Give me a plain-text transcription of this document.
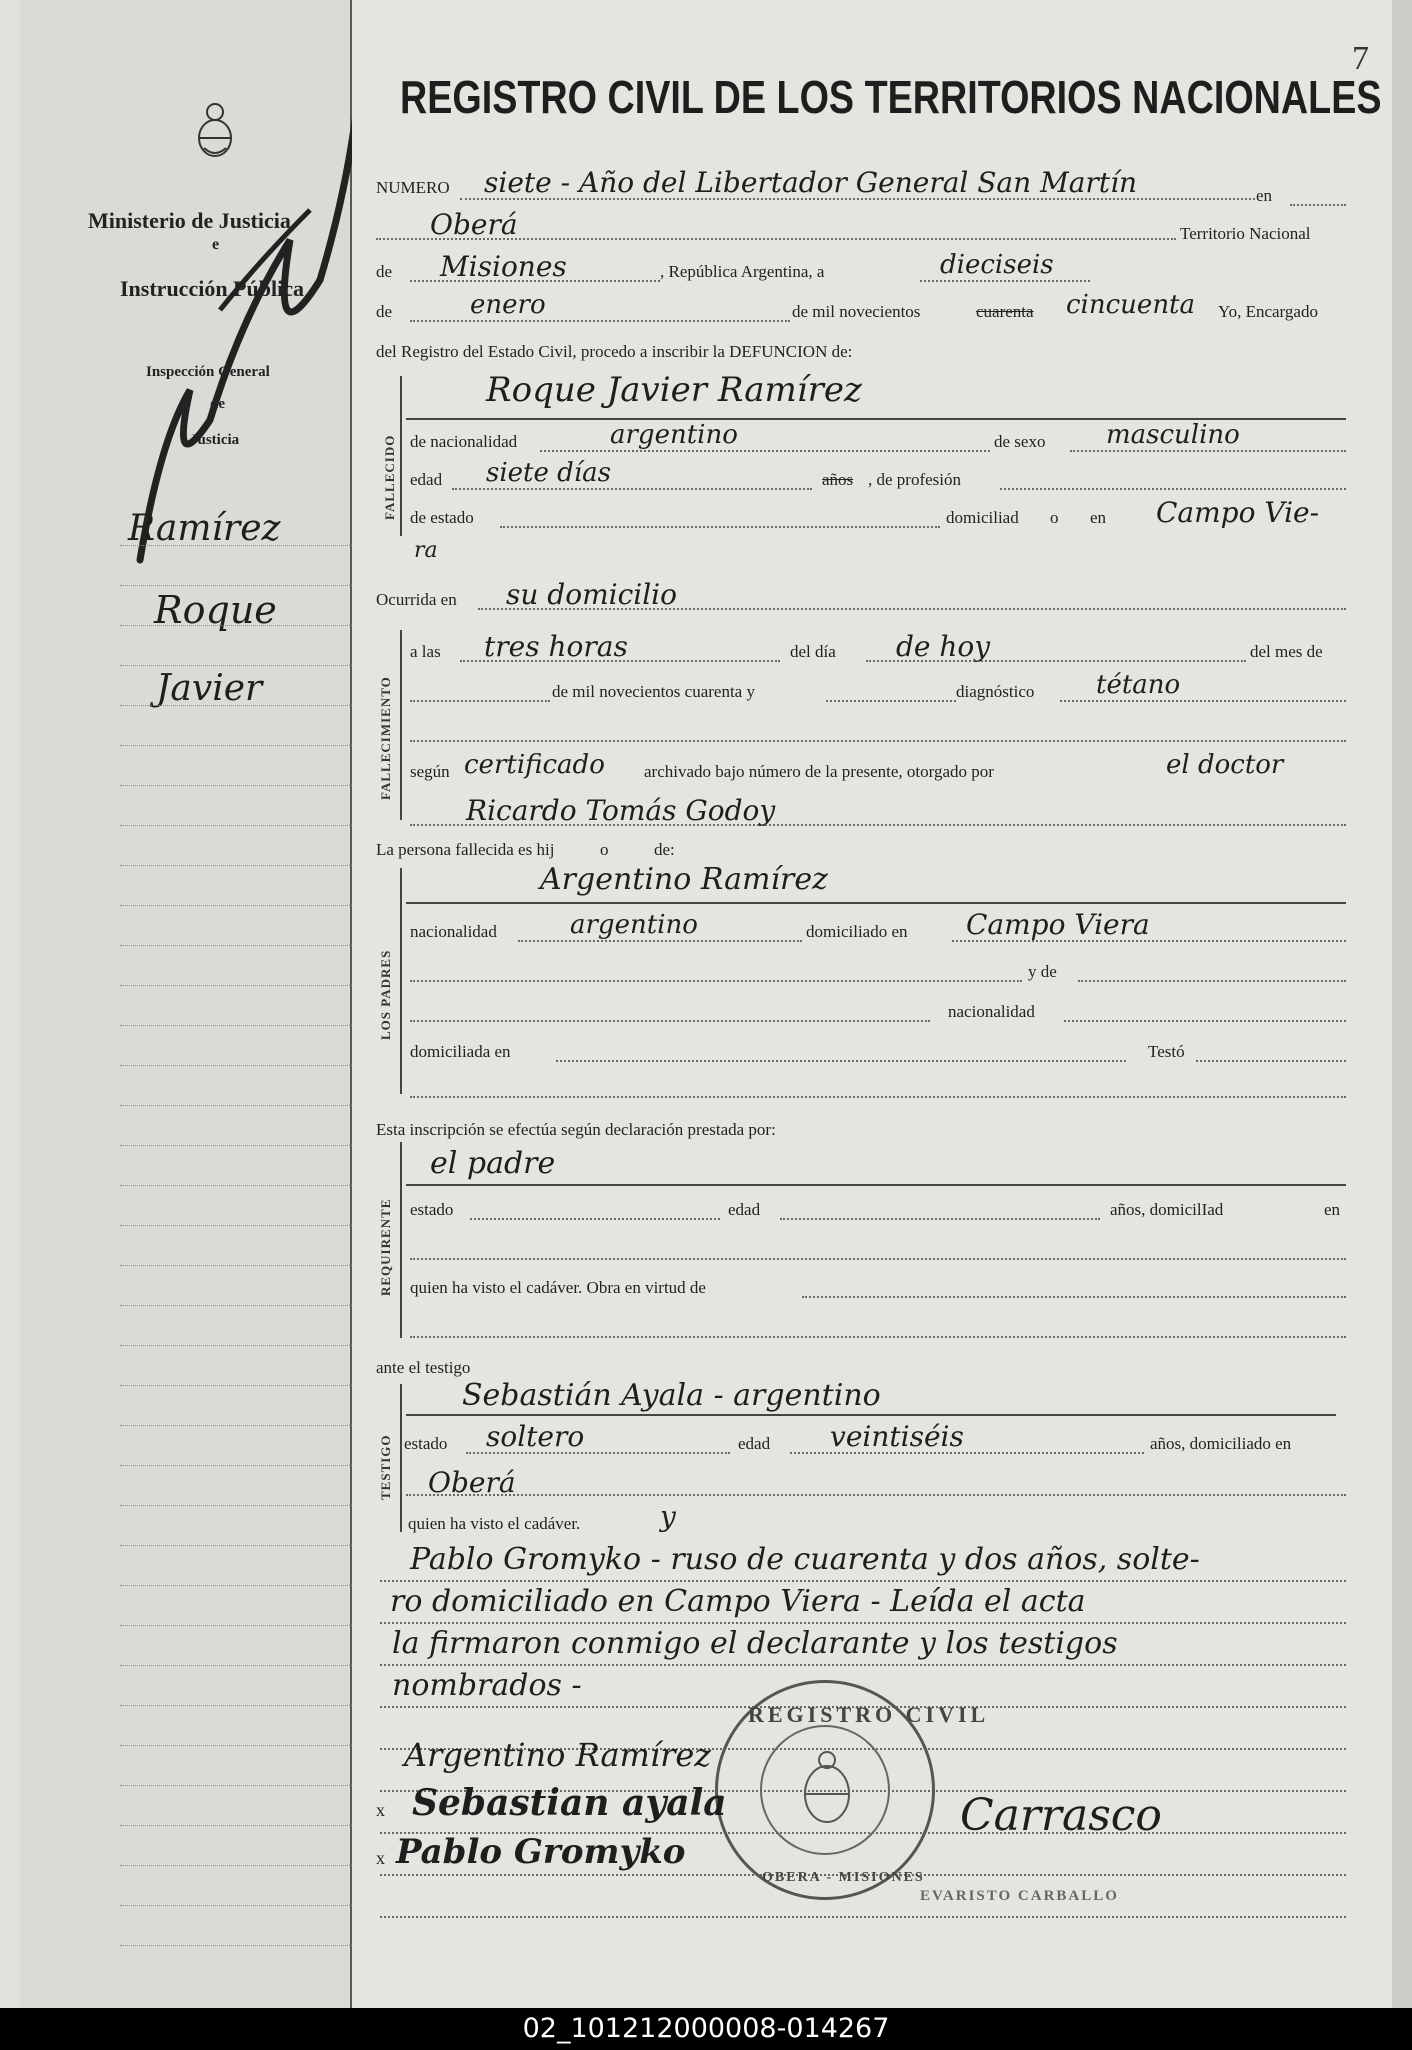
Ministerio de Justicia
e
Instrucción Pública
Inspección General
de
Justicia
Ramírez
Roque
Javier
7
REGISTRO CIVIL DE LOS TERRITORIOS NACIONALES
NUMERO siete - Año del Libertador General San Martín	en
Oberá	Territorio Nacional
de Misiones	, República Argentina, a	dieciseis
de	enero	de mil novecientos	cuarenta cincuenta Yo, Encargado
del Registro del Estado Civil, procedo a inscribir la DEFUNCION de:
FALLECIDO
Roque Javier Ramírez
de nacionalidad	argentino	de sexo masculino
edad siete días	años , de profesión
de estado	domiciliad o en Campo Vie-
ra
Ocurrida en su domicilio
FALLECIMIENTO
a las tres horas	del día de hoy	del mes de
de mil novecientos cuarenta y	diagnóstico tétano
según certificado archivado bajo número de la presente, otorgado por	el doctor
Ricardo Tomás Godoy
La persona fallecida es hij	o	de:
LOS PADRES
Argentino Ramírez
nacionalidad	argentino	domiciliado en Campo Viera
y de
nacionalidad
domiciliada en	Testó
Esta inscripción se efectúa según declaración prestada por:
REQUIRENTE
el padre
estado	edad	años, domicilIad	en
quien ha visto el cadáver. Obra en virtud de
ante el testigo
TESTIGO
Sebastián Ayala - argentino
estado soltero	edad veintiséis	años, domiciliado en
Oberá
quien ha visto el cadáver.	y
Pablo Gromyko - ruso de cuarenta y dos años, solte-
ro domiciliado en Campo Viera - Leída el acta
la firmaron conmigo el declarante y los testigos
nombrados -
REGISTRO CIVIL
OBERA - MISIONES
EVARISTO CARBALLO
Argentino Ramírez
Sebastian ayala
Pablo Gromyko
Carrasco
x
x
02_101212000008-014267
